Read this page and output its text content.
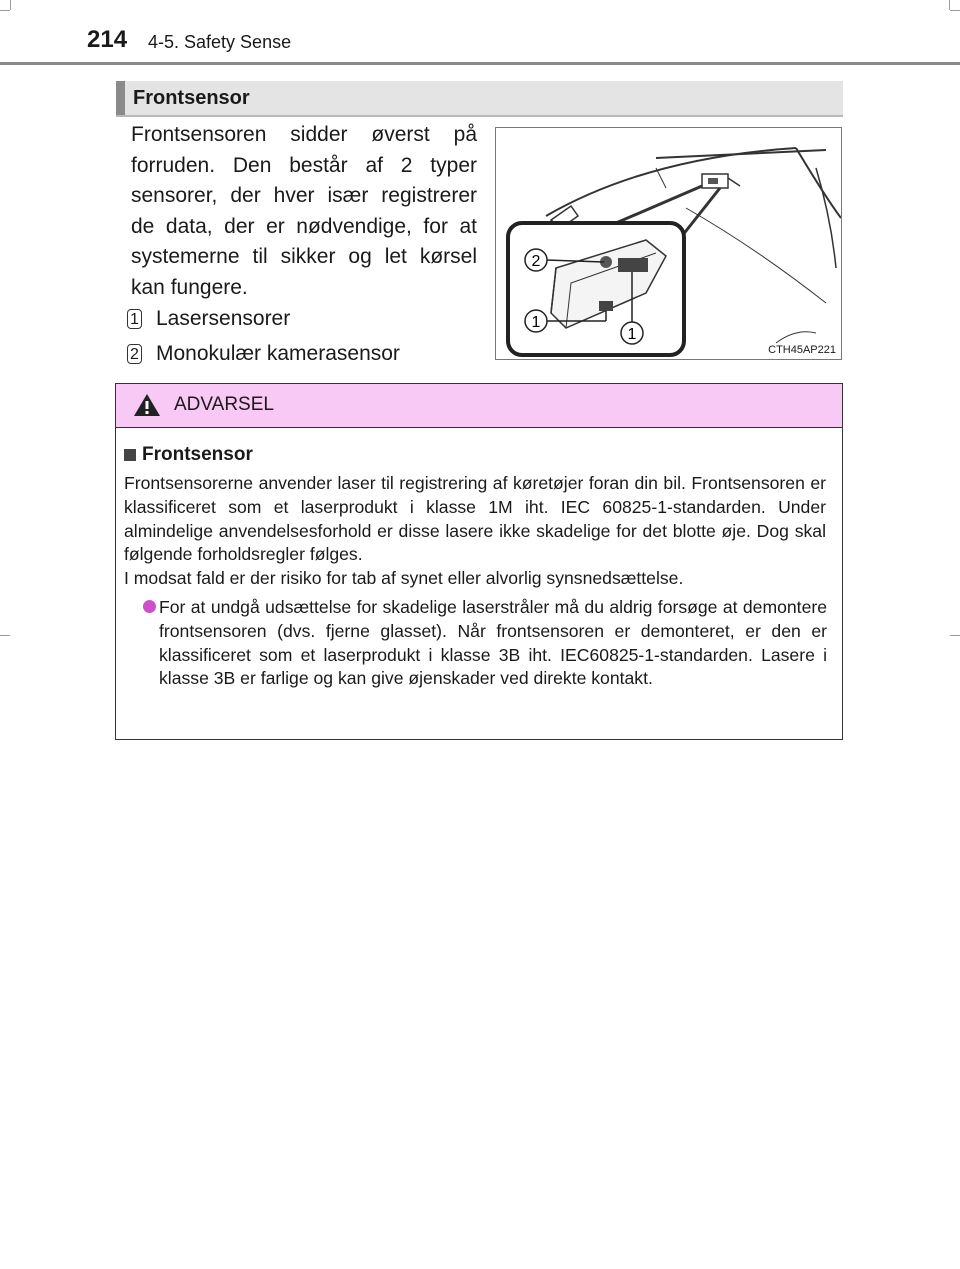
214 4-5. Safety Sense
Frontsensor
Frontsensoren sidder øverst på forruden. Den består af 2 typer sensorer, der hver især registrerer de data, der er nødvendige, for at systemerne til sikker og let kørsel kan fungere.
1 Lasersensorer
2 Monokulær kamerasensor
2
1
1
CTH45AP221
ADVARSEL
Frontsensor
Frontsensorerne anvender laser til registrering af køretøjer foran din bil. Frontsensoren er klassificeret som et laserprodukt i klasse 1M iht. IEC 60825-1-standarden. Under almindelige anvendelsesforhold er disse lasere ikke skadelige for det blotte øje. Dog skal følgende forholdsregler følges.
I modsat fald er der risiko for tab af synet eller alvorlig synsnedsættelse.
For at undgå udsættelse for skadelige laserstråler må du aldrig forsøge at demontere frontsensoren (dvs. fjerne glasset). Når frontsensoren er demonteret, er den er klassificeret som et laserprodukt i klasse 3B iht. IEC60825-1-standarden. Lasere i klasse 3B er farlige og kan give øjenskader ved direkte kontakt.
